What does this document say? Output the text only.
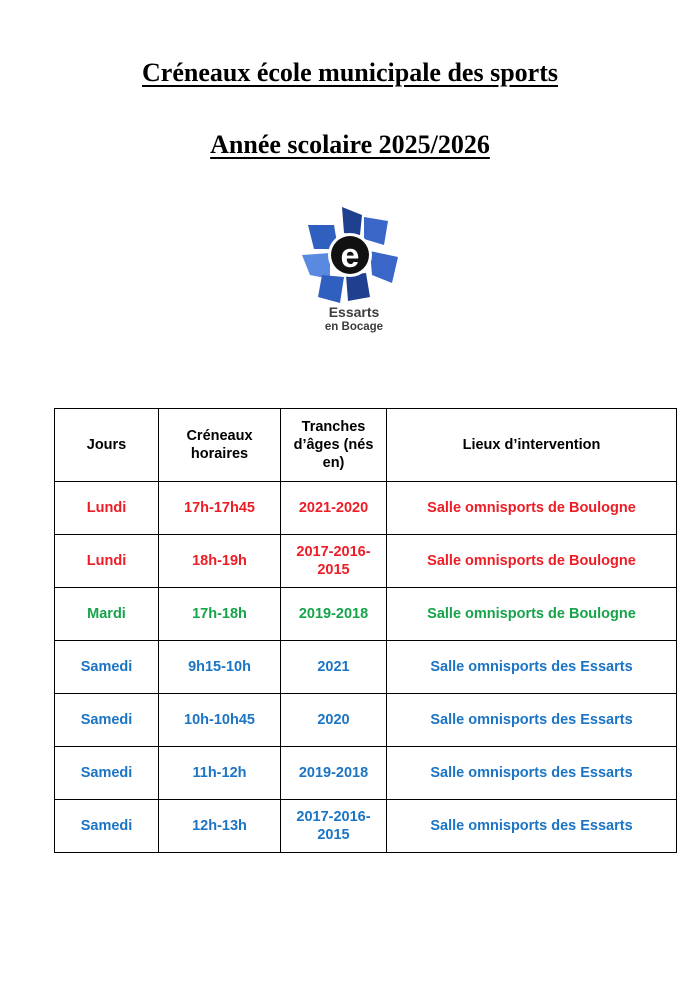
Créneaux école municipale des sports
Année scolaire 2025/2026
e
Essarts
en Bocage
Jours	Créneaux horaires	Tranches d’âges (nés en)	Lieux d’intervention
Lundi	17h-17h45	2021-2020	Salle omnisports de Boulogne
Lundi	18h-19h	2017-2016-2015	Salle omnisports de Boulogne
Mardi	17h-18h	2019-2018	Salle omnisports de Boulogne
Samedi	9h15-10h	2021	Salle omnisports des Essarts
Samedi	10h-10h45	2020	Salle omnisports des Essarts
Samedi	11h-12h	2019-2018	Salle omnisports des Essarts
Samedi	12h-13h	2017-2016-2015	Salle omnisports des Essarts
